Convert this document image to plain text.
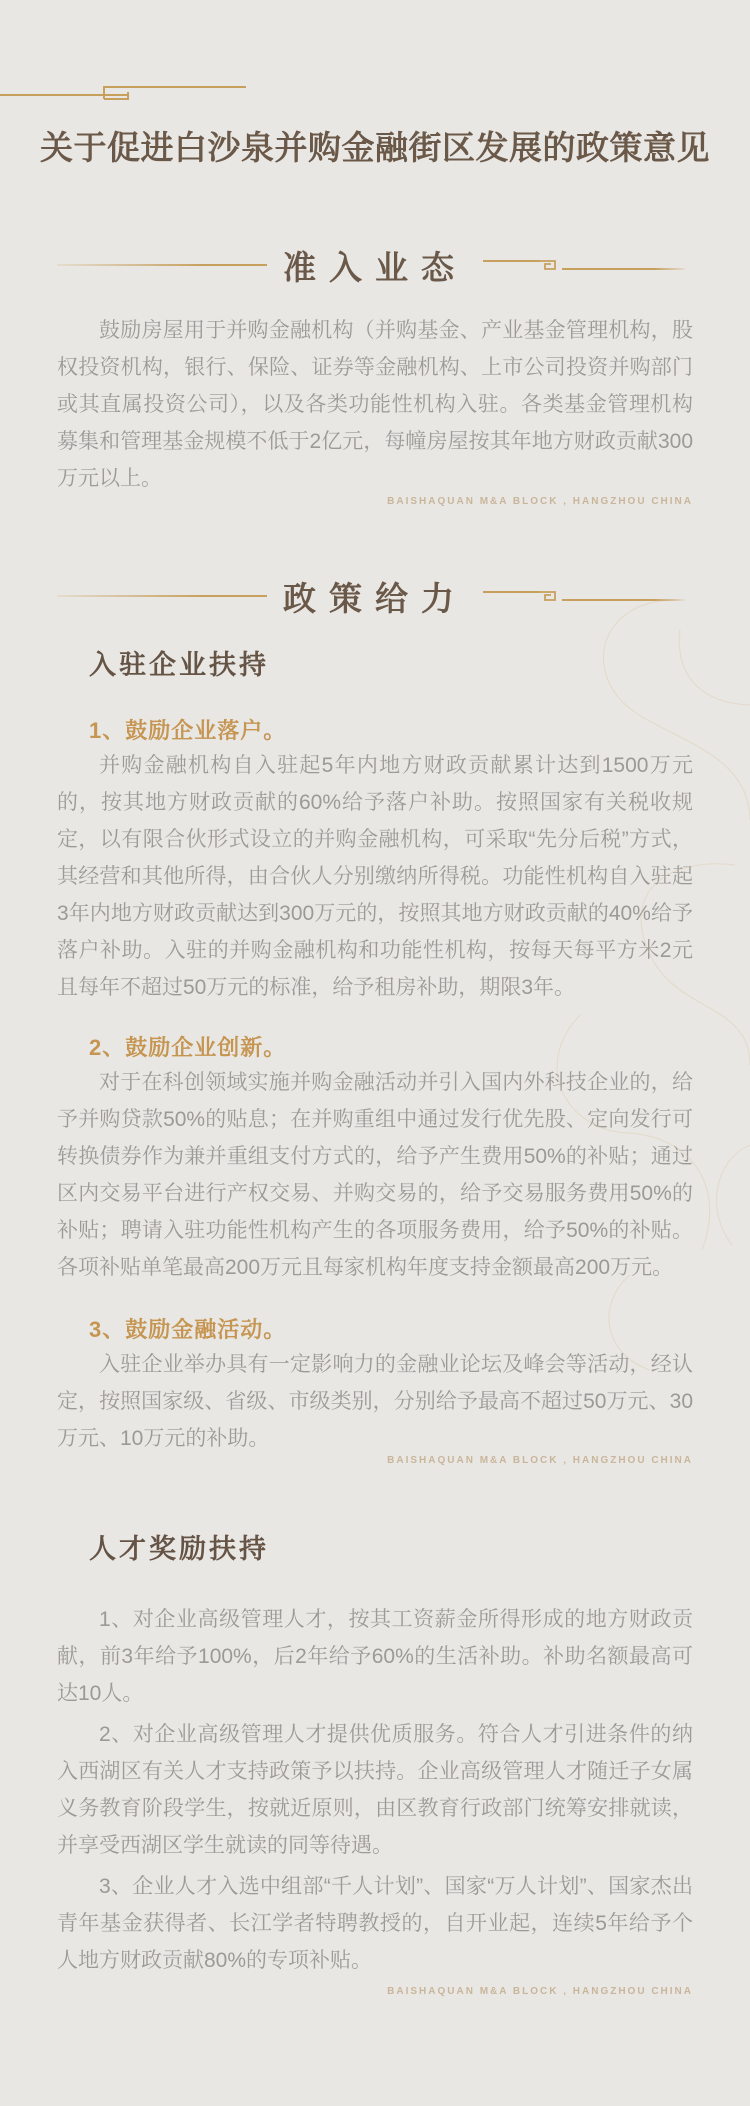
关于促进白沙泉并购金融街区发展的政策意见
准入业态

鼓励房屋用于并购金融机构（并购基金、产业基金管理机构，股权投资机构，银行、保险、证券等金融机构、上市公司投资并购部门或其直属投资公司），以及各类功能性机构入驻。各类基金管理机构募集和管理基金规模不低于2亿元，每幢房屋按其年地方财政贡献300万元以上。

BAISHAQUAN M&A BLOCK , HANGZHOU CHINA
政策给力
入驻企业扶持
1、鼓励企业落户。

并购金融机构自入驻起5年内地方财政贡献累计达到1500万元的，按其地方财政贡献的60%给予落户补助。按照国家有关税收规定，以有限合伙形式设立的并购金融机构，可采取“先分后税”方式，其经营和其他所得，由合伙人分别缴纳所得税。功能性机构自入驻起3年内地方财政贡献达到300万元的，按照其地方财政贡献的40%给予落户补助。入驻的并购金融机构和功能性机构，按每天每平方米2元且每年不超过50万元的标准，给予租房补助，期限3年。

2、鼓励企业创新。

对于在科创领域实施并购金融活动并引入国内外科技企业的，给予并购贷款50%的贴息；在并购重组中通过发行优先股、定向发行可转换债券作为兼并重组支付方式的，给予产生费用50%的补贴；通过区内交易平台进行产权交易、并购交易的，给予交易服务费用50%的补贴；聘请入驻功能性机构产生的各项服务费用，给予50%的补贴。各项补贴单笔最高200万元且每家机构年度支持金额最高200万元。

3、鼓励金融活动。

入驻企业举办具有一定影响力的金融业论坛及峰会等活动，经认定，按照国家级、省级、市级类别，分别给予最高不超过50万元、30万元、10万元的补助。

BAISHAQUAN M&A BLOCK , HANGZHOU CHINA
人才奖励扶持

1、对企业高级管理人才，按其工资薪金所得形成的地方财政贡献，前3年给予100%，后2年给予60%的生活补助。补助名额最高可达10人。

2、对企业高级管理人才提供优质服务。符合人才引进条件的纳入西湖区有关人才支持政策予以扶持。企业高级管理人才随迁子女属义务教育阶段学生，按就近原则，由区教育行政部门统筹安排就读，并享受西湖区学生就读的同等待遇。

3、企业人才入选中组部“千人计划”、国家“万人计划”、国家杰出青年基金获得者、长江学者特聘教授的，自开业起，连续5年给予个人地方财政贡献80%的专项补贴。

BAISHAQUAN M&A BLOCK , HANGZHOU CHINA
